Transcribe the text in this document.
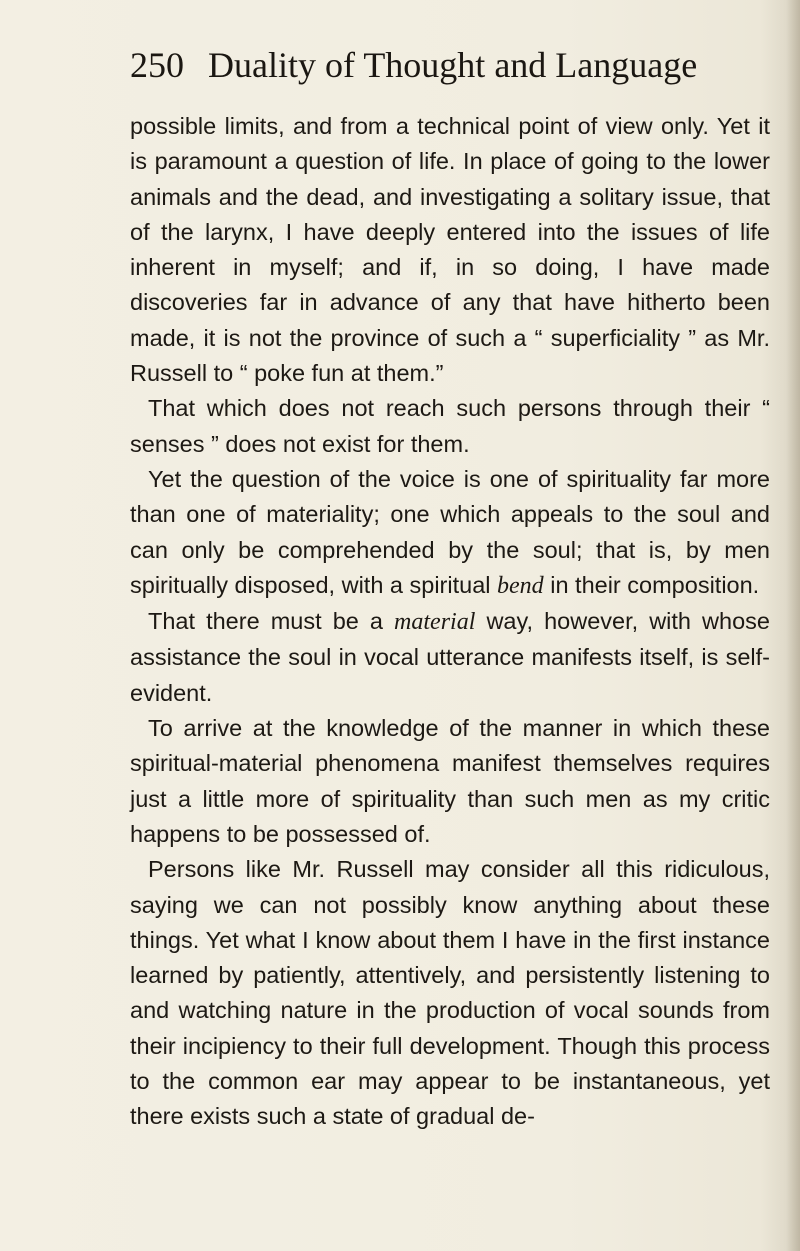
250 Duality of Thought and Language

possible limits, and from a technical point of view only. Yet it is paramount a question of life. In place of going to the lower animals and the dead, and investigating a solitary issue, that of the larynx, I have deeply entered into the issues of life inherent in myself; and if, in so doing, I have made discoveries far in advance of any that have hitherto been made, it is not the province of such a “ superficiality ” as Mr. Russell to “ poke fun at them.”

That which does not reach such persons through their “ senses ” does not exist for them.

Yet the question of the voice is one of spirituality far more than one of materiality; one which appeals to the soul and can only be comprehended by the soul; that is, by men spiritually disposed, with a spiritual bend in their composition.

That there must be a material way, however, with whose assistance the soul in vocal utterance manifests itself, is self-evident.

To arrive at the knowledge of the manner in which these spiritual-material phenomena manifest themselves requires just a little more of spirituality than such men as my critic happens to be possessed of.

Persons like Mr. Russell may consider all this ridiculous, saying we can not possibly know anything about these things. Yet what I know about them I have in the first instance learned by patiently, attentively, and persistently listening to and watching nature in the production of vocal sounds from their incipiency to their full development. Though this process to the common ear may appear to be instantaneous, yet there exists such a state of gradual de-
